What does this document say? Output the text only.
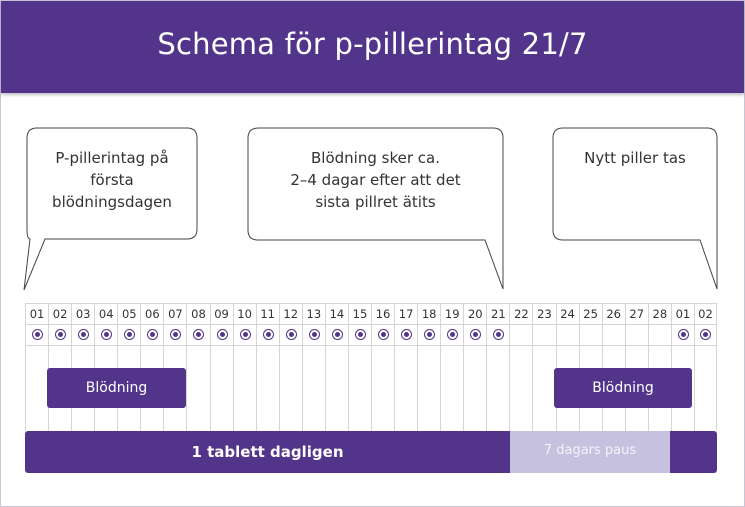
Schema för p-pillerintag 21/7
P-pillerintag på
första
blödningsdagen
Blödning sker ca.
2–4 dagar efter att det
sista pillret ätits
Nytt piller tas
01 02 03 04 05 06 07 08 09 10 11 12 13 14 15 16 17 18 19 20 21 22 23 24 25 26 27 28 01 02
Blödning	Blödning
1 tablett dagligen	7 dagars paus
